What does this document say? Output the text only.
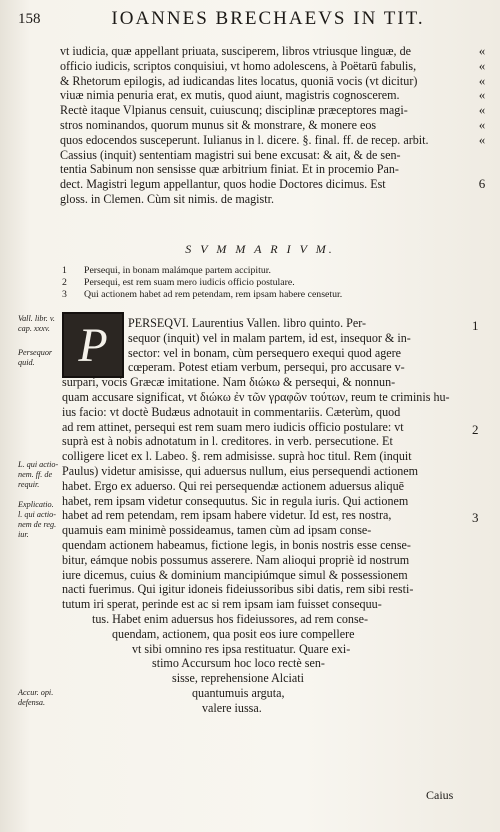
158	IOANNES BRECHAEVS IN TIT.
vt iudicia, quæ appellant priuata, susciperem, libros vtriusque linguæ, de
officio iudicis, scriptos conquisiui, vt homo adolescens, à Poëtarū fabulis,
& Rhetorum epilogis, ad iudicandas lites locatus, quoniā vocis (vt dicitur)
viuæ nimia penuria erat, ex mutis, quod aiunt, magistris cognoscerem.
Rectè itaque Vlpianus censuit, cuiuscunq; disciplinæ præceptores magi-
stros nominandos, quorum munus sit & monstrare, & monere eos
quos edocendos susceperunt. Iulianus in l. dicere. §. final. ff. de recep. arbit.
Cassius (inquit) sententiam magistri sui bene excusat: & ait, & de sen-
tentia Sabinum non sensisse quæ arbitrium finiat. Et in procemio Pan-
dect. Magistri legum appellantur, quos hodie Doctores dicimus. Est
gloss. in Clemen. Cùm sit nimis. de magistr.
«
«
«
«
«
«
«
6
S V M M A R I V M.
1 Persequi, in bonam malámque partem accipitur.
2 Persequi, est rem suam mero iudicis officio postulare.
3 Qui actionem habet ad rem petendam, rem ipsam habere censetur.
Vall. libr. v. cap. xxxv.
Persequor quid.
L. qui actio- nem. ff. de requir.
Explicatio. l. qui actio- nem de reg. iur.
Accur. opi. defensa.
P	PERSEQVI. Laurentius Vallen. libro quinto. Per-
sequor (inquit) vel in malam partem, id est, insequor & in-
sector: vel in bonam, cùm persequero exequi quod agere
cœperam. Potest etiam verbum, persequi, pro accusare v-
surpari, vocis Græcæ imitatione. Nam διώκω & persequi, & nonnun-
quam accusare significat, vt διώκω ἐν τῶν γραφῶν τούτων, reum te criminis hu-
ius facio: vt doctè Budæus adnotauit in commentariis. Cæterùm, quod
ad rem attinet, persequi est rem suam mero iudicis officio postulare: vt
suprà est à nobis adnotatum in l. creditores. in verb. persecutione. Et
colligere licet ex l. Labeo. §. rem admisisse. suprà hoc titul. Rem (inquit
Paulus) videtur amisisse, qui aduersus nullum, eius persequendi actionem
habet. Ergo ex aduerso. Qui rei persequendæ actionem aduersus aliquē
habet, rem ipsam videtur consequutus. Sic in regula iuris. Qui actionem
habet ad rem petendam, rem ipsam habere videtur. Id est, res nostra,
quamuis eam minimè possideamus, tamen cùm ad ipsam conse-
quendam actionem habeamus, fictione legis, in bonis nostris esse cense-
bitur, eámque nobis possumus asserere. Nam alioqui propriè id nostrum
iure dicemus, cuius & dominium mancipiúmque simul & possessionem
nacti fuerimus. Qui igitur idoneis fideiussoribus sibi datis, rem sibi resti-
tutum iri sperat, perinde est ac si rem ipsam iam fuisset consequu-
tus. Habet enim aduersus hos fideiussores, ad rem conse-
quendam, actionem, qua posit eos iure compellere
vt sibi omnino res ipsa restituatur. Quare exi-
stimo Accursum hoc loco rectè sen-
sisse, reprehensione Alciati
quantumuis arguta,
valere iussa.
1
2
3
Caius
